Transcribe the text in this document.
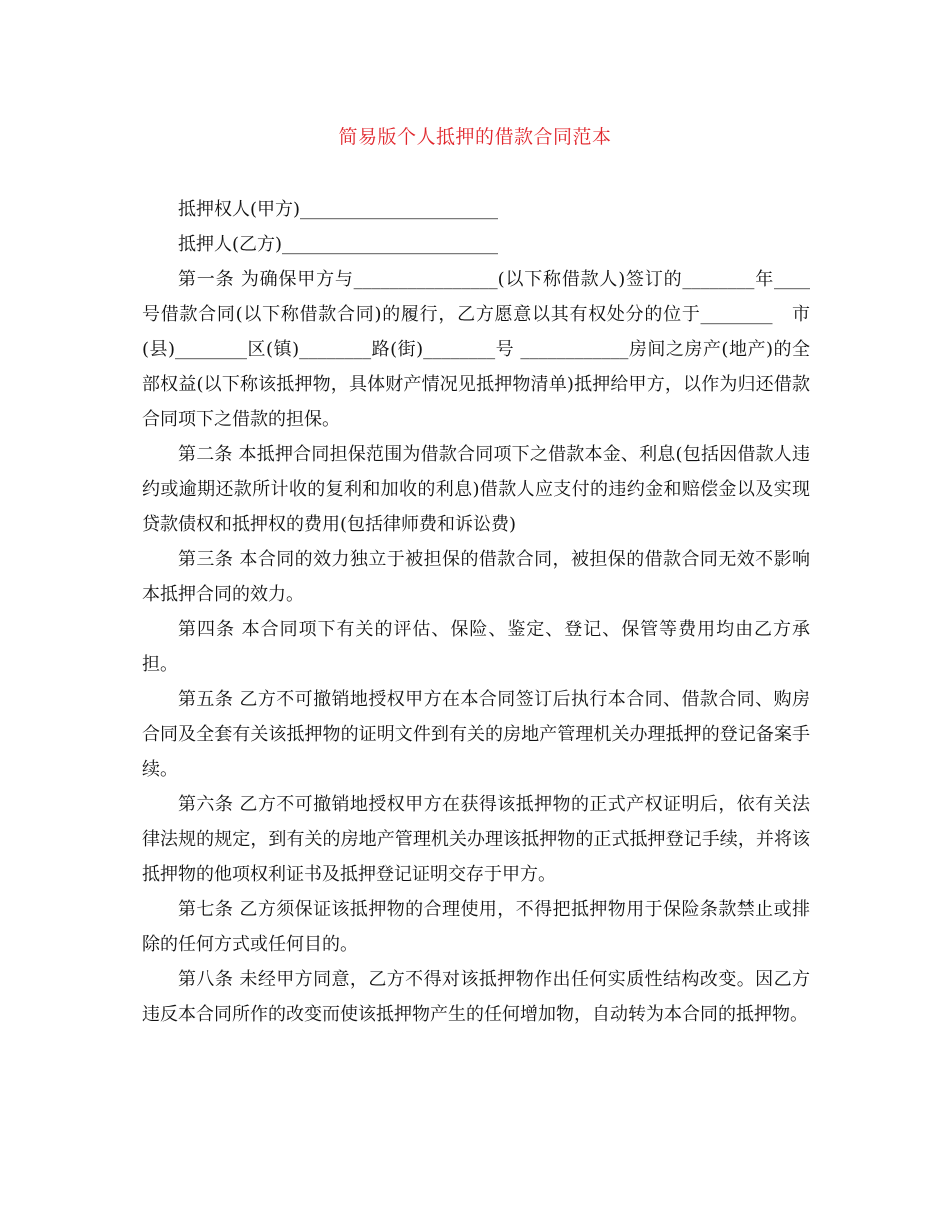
简易版个人抵押的借款合同范本

抵押权人(甲方)______________________

抵押人(乙方)________________________

第一条 为确保甲方与________________(以下称借款人)签订的________年____　号借款合同(以下称借款合同)的履行，乙方愿意以其有权处分的位于________　市(县)________区(镇)________路(街)________号 ____________房间之房产(地产)的全部权益(以下称该抵押物，具体财产情况见抵押物清单)抵押给甲方，以作为归还借款合同项下之借款的担保。

第二条 本抵押合同担保范围为借款合同项下之借款本金、利息(包括因借款人违约或逾期还款所计收的复利和加收的利息)借款人应支付的违约金和赔偿金以及实现贷款债权和抵押权的费用(包括律师费和诉讼费)

第三条 本合同的效力独立于被担保的借款合同，被担保的借款合同无效不影响本抵押合同的效力。

第四条 本合同项下有关的评估、保险、鉴定、登记、保管等费用均由乙方承担。

第五条 乙方不可撤销地授权甲方在本合同签订后执行本合同、借款合同、购房合同及全套有关该抵押物的证明文件到有关的房地产管理机关办理抵押的登记备案手续。

第六条 乙方不可撤销地授权甲方在获得该抵押物的正式产权证明后，依有关法律法规的规定，到有关的房地产管理机关办理该抵押物的正式抵押登记手续，并将该抵押物的他项权利证书及抵押登记证明交存于甲方。

第七条 乙方须保证该抵押物的合理使用，不得把抵押物用于保险条款禁止或排除的任何方式或任何目的。

第八条 未经甲方同意，乙方不得对该抵押物作出任何实质性结构改变。因乙方违反本合同所作的改变而使该抵押物产生的任何增加物，自动转为本合同的抵押物。
